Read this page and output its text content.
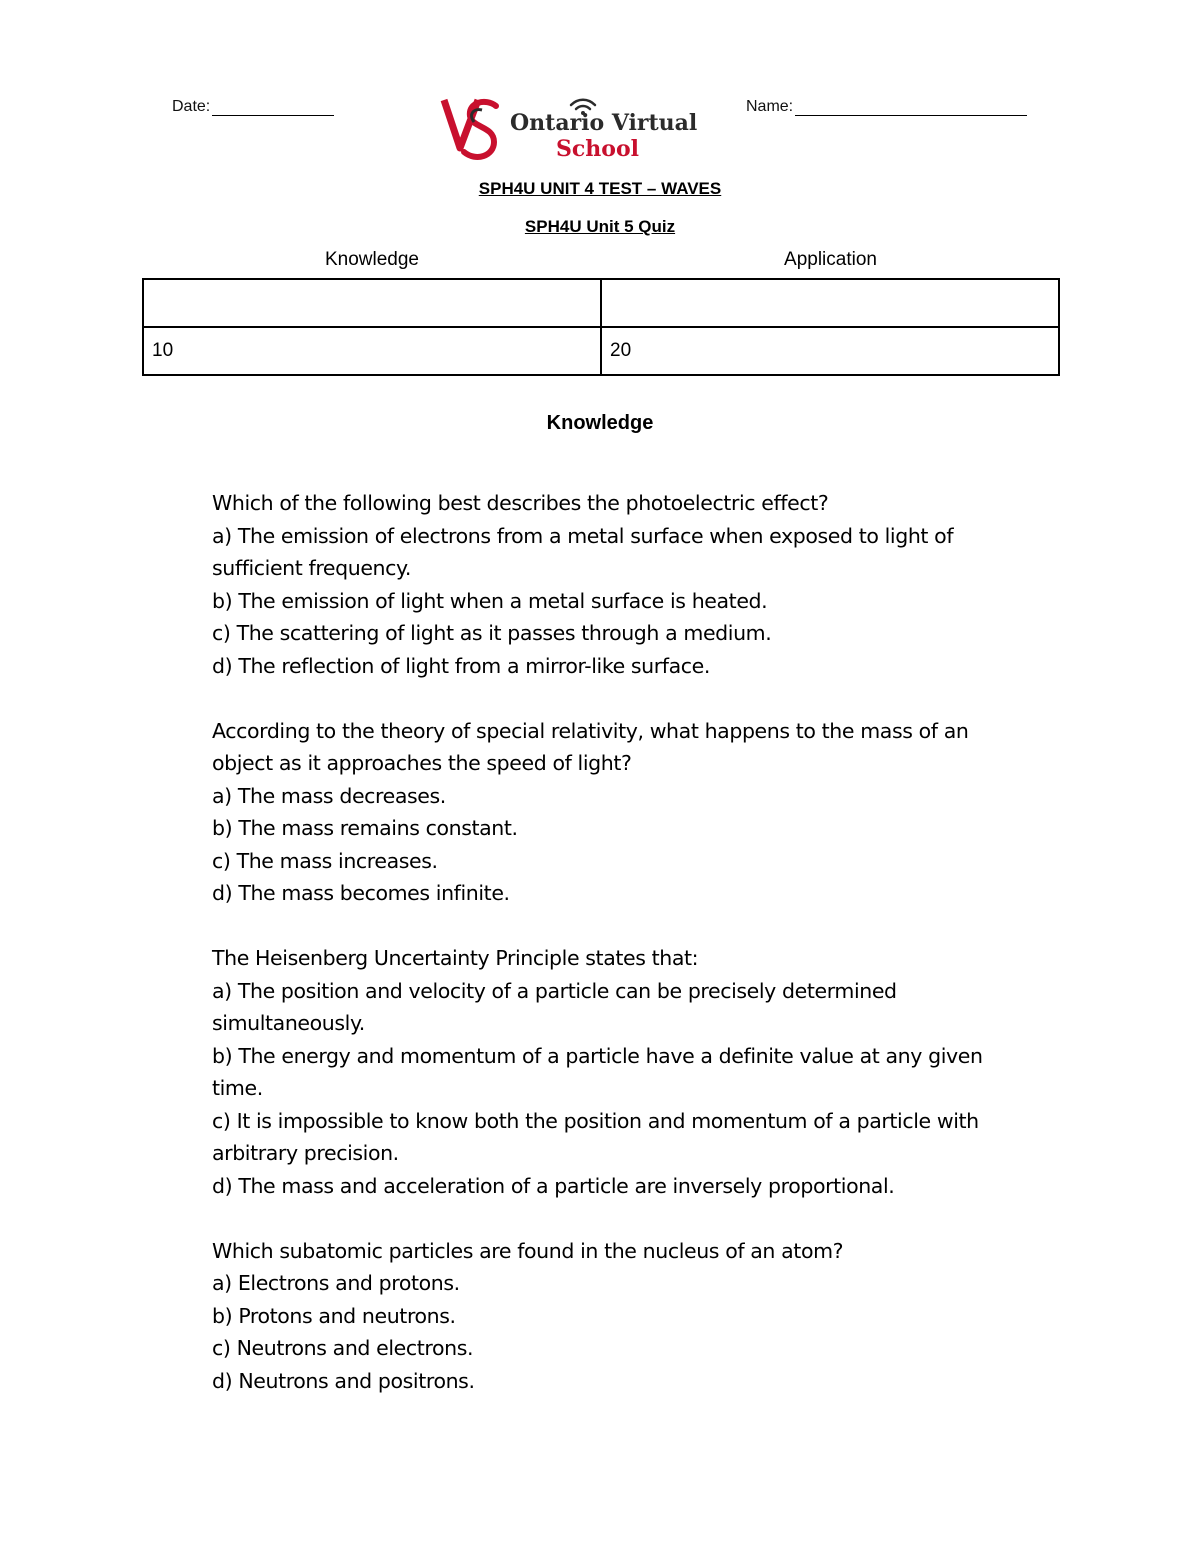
Date:	Name:
Ontario Virtual
School
SPH4U UNIT 4 TEST – WAVES
SPH4U Unit 5 Quiz
Knowledge	Application

10	20
Knowledge

Which of the following best describes the photoelectric effect?

a) The emission of electrons from a metal surface when exposed to light of sufficient frequency.

b) The emission of light when a metal surface is heated.

c) The scattering of light as it passes through a medium.

d) The reflection of light from a mirror-like surface.

According to the theory of special relativity, what happens to the mass of an object as it approaches the speed of light?

a) The mass decreases.

b) The mass remains constant.

c) The mass increases.

d) The mass becomes infinite.

The Heisenberg Uncertainty Principle states that:

a) The position and velocity of a particle can be precisely determined simultaneously.

b) The energy and momentum of a particle have a definite value at any given time.

c) It is impossible to know both the position and momentum of a particle with arbitrary precision.

d) The mass and acceleration of a particle are inversely proportional.

Which subatomic particles are found in the nucleus of an atom?

a) Electrons and protons.

b) Protons and neutrons.

c) Neutrons and electrons.

d) Neutrons and positrons.
